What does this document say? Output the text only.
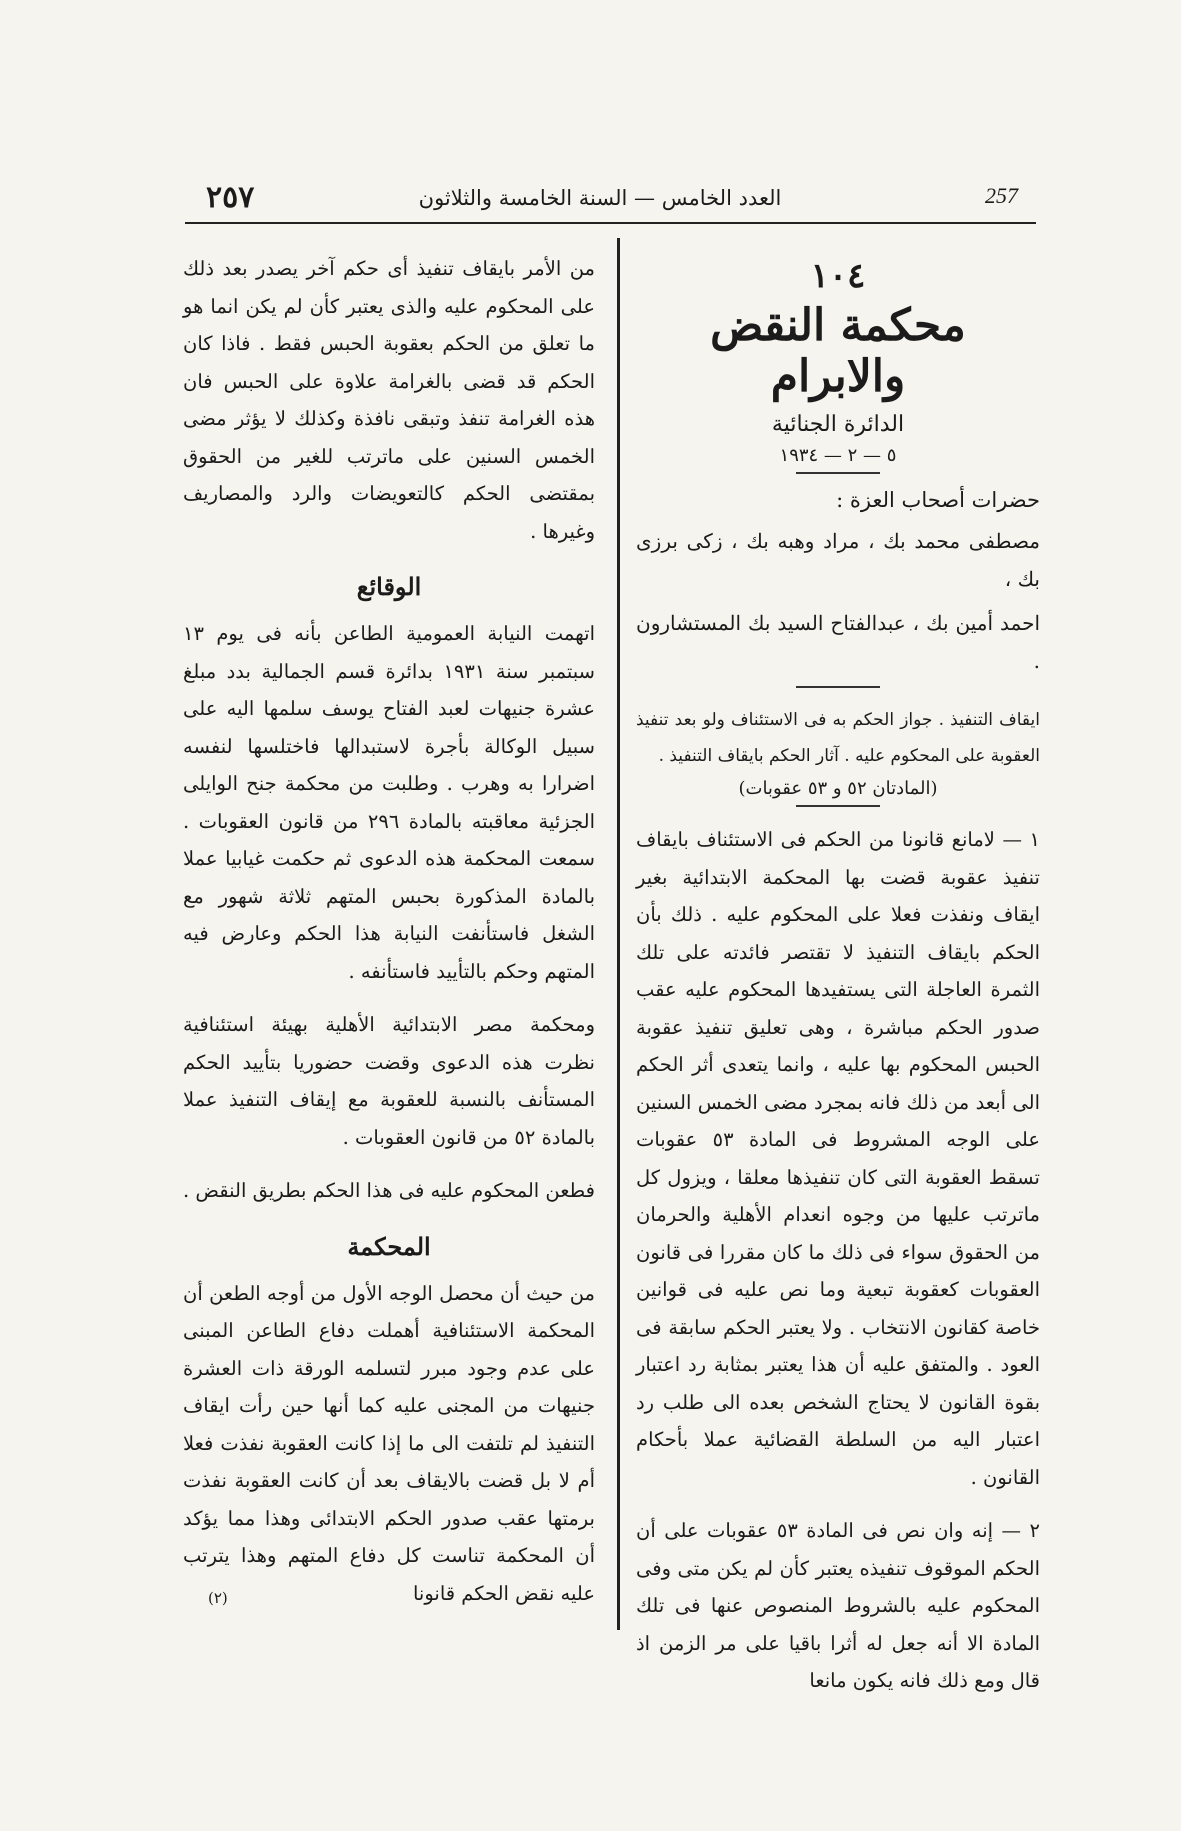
257
العدد الخامس — السنة الخامسة والثلاثون
٢٥٧
١٠٤
محكمة النقض والابرام
الدائرة الجنائية
٥ — ٢ — ١٩٣٤
حضرات أصحاب العزة :
مصطفى محمد بك ، مراد وهبه بك ، زكى برزى بك ،
احمد أمين بك ، عبدالفتاح السيد بك المستشارون .
ايقاف التنفيذ . جواز الحكم به فى الاستئناف ولو بعد تنفيذ العقوبة على المحكوم عليه . آثار الحكم بايقاف التنفيذ .
(المادتان ٥٢ و ٥٣ عقوبات)
١ — لامانع قانونا من الحكم فى الاستئناف بايقاف تنفيذ عقوبة قضت بها المحكمة الابتدائية بغير ايقاف ونفذت فعلا على المحكوم عليه . ذلك بأن الحكم بايقاف التنفيذ لا تقتصر فائدته على تلك الثمرة العاجلة التى يستفيدها المحكوم عليه عقب صدور الحكم مباشرة ، وهى تعليق تنفيذ عقوبة الحبس المحكوم بها عليه ، وانما يتعدى أثر الحكم الى أبعد من ذلك فانه بمجرد مضى الخمس السنين على الوجه المشروط فى المادة ٥٣ عقوبات تسقط العقوبة التى كان تنفيذها معلقا ، ويزول كل ماترتب عليها من وجوه انعدام الأهلية والحرمان من الحقوق سواء فى ذلك ما كان مقررا فى قانون العقوبات كعقوبة تبعية وما نص عليه فى قوانين خاصة كقانون الانتخاب . ولا يعتبر الحكم سابقة فى العود . والمتفق عليه أن هذا يعتبر بمثابة رد اعتبار بقوة القانون لا يحتاج الشخص بعده الى طلب رد اعتبار اليه من السلطة القضائية عملا بأحكام القانون .
٢ — إنه وان نص فى المادة ٥٣ عقوبات على أن الحكم الموقوف تنفيذه يعتبر كأن لم يكن متى وفى المحكوم عليه بالشروط المنصوص عنها فى تلك المادة الا أنه جعل له أثرا باقيا على مر الزمن اذ قال ومع ذلك فانه يكون مانعا
من الأمر بايقاف تنفيذ أى حكم آخر يصدر بعد ذلك على المحكوم عليه والذى يعتبر كأن لم يكن انما هو ما تعلق من الحكم بعقوبة الحبس فقط . فاذا كان الحكم قد قضى بالغرامة علاوة على الحبس فان هذه الغرامة تنفذ وتبقى نافذة وكذلك لا يؤثر مضى الخمس السنين على ماترتب للغير من الحقوق بمقتضى الحكم كالتعويضات والرد والمصاريف وغيرها .
الوقائع
اتهمت النيابة العمومية الطاعن بأنه فى يوم ١٣ سبتمبر سنة ١٩٣١ بدائرة قسم الجمالية بدد مبلغ عشرة جنيهات لعبد الفتاح يوسف سلمها اليه على سبيل الوكالة بأجرة لاستبدالها فاختلسها لنفسه اضرارا به وهرب . وطلبت من محكمة جنح الوايلى الجزئية معاقبته بالمادة ٢٩٦ من قانون العقوبات . سمعت المحكمة هذه الدعوى ثم حكمت غيابيا عملا بالمادة المذكورة بحبس المتهم ثلاثة شهور مع الشغل فاستأنفت النيابة هذا الحكم وعارض فيه المتهم وحكم بالتأييد فاستأنفه .
ومحكمة مصر الابتدائية الأهلية بهيئة استئنافية نظرت هذه الدعوى وقضت حضوريا بتأييد الحكم المستأنف بالنسبة للعقوبة مع إيقاف التنفيذ عملا بالمادة ٥٢ من قانون العقوبات .
فطعن المحكوم عليه فى هذا الحكم بطريق النقض .
المحكمة
من حيث أن محصل الوجه الأول من أوجه الطعن أن المحكمة الاستئنافية أهملت دفاع الطاعن المبنى على عدم وجود مبرر لتسلمه الورقة ذات العشرة جنيهات من المجنى عليه كما أنها حين رأت ايقاف التنفيذ لم تلتفت الى ما إذا كانت العقوبة نفذت فعلا أم لا بل قضت بالايقاف بعد أن كانت العقوبة نفذت برمتها عقب صدور الحكم الابتدائى وهذا مما يؤكد أن المحكمة تناست كل دفاع المتهم وهذا يترتب عليه نقض الحكم قانونا
(٢)
